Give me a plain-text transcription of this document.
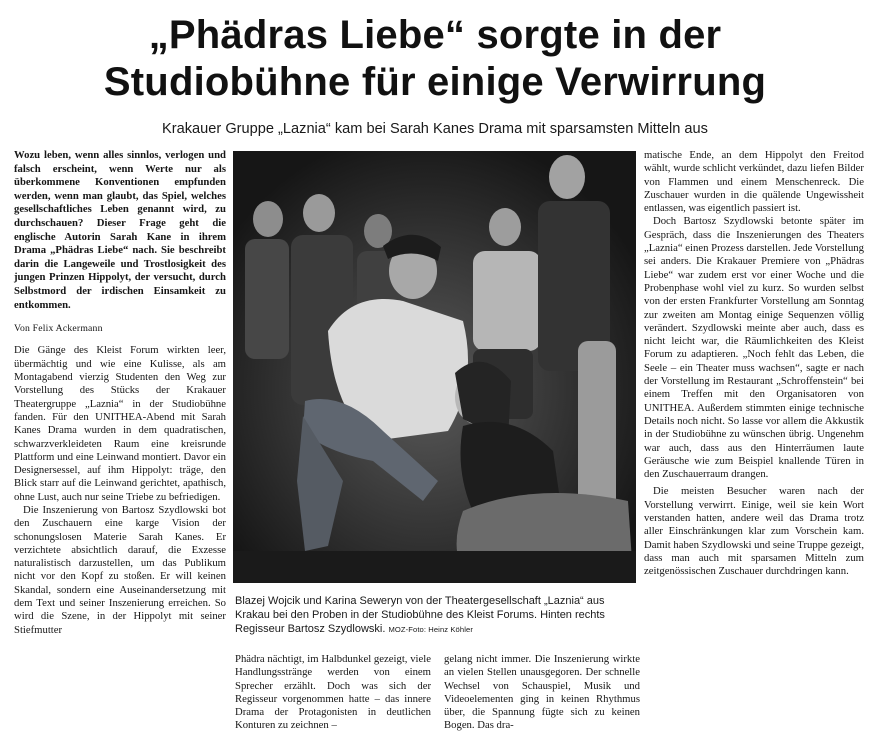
„Phädras Liebe“ sorgte in der
Studiobühne für einige Verwirrung
Krakauer Gruppe „Laznia“ kam bei Sarah Kanes Drama mit sparsamsten Mitteln aus

Wozu leben, wenn alles sinnlos, verlogen und falsch erscheint, wenn Werte nur als überkommene Konventionen empfunden werden, wenn man glaubt, das Spiel, welches gesellschaftliches Leben genannt wird, zu durchschauen? Dieser Frage geht die englische Autorin Sarah Kane in ihrem Drama „Phädras Liebe“ nach. Sie beschreibt darin die Langeweile und Trostlosigkeit des jungen Prinzen Hippolyt, der versucht, durch Selbstmord der irdischen Einsamkeit zu entkommen.

Von Felix Ackermann

Die Gänge des Kleist Forum wirkten leer, übermächtig und wie eine Kulisse, als am Montagabend vierzig Studenten den Weg zur Vorstellung des Stücks der Krakauer Theatergruppe „Laznia“ in der Studiobühne fanden. Für den UNITHEA-Abend mit Sarah Kanes Drama wurden in dem quadratischen, schwarzverkleideten Raum eine kreisrunde Plattform und eine Leinwand montiert. Davor ein Designersessel, auf ihm Hippolyt: träge, den Blick starr auf die Leinwand gerichtet, apathisch, ohne Lust, auch nur seine Triebe zu befriedigen.

Die Inszenierung von Bartosz Szydlowski bot den Zuschauern eine karge Vision der schonungslosen Materie Sarah Kanes. Er verzichtete absichtlich darauf, die Exzesse naturalistisch darzustellen, um das Publikum nicht vor den Kopf zu stoßen. Er will keinen Skandal, sondern eine Auseinandersetzung mit dem Text und seiner Inszenierung erreichen. So wird die Szene, in der Hippolyt mit seiner Stiefmutter

Blazej Wojcik und Karina Seweryn von der Theatergesellschaft „Laznia“ aus Krakau bei den Proben in der Studiobühne des Kleist Forums. Hinten rechts Regisseur Bartosz Szydlowski. MOZ-Foto: Heinz Köhler

Phädra nächtigt, im Halbdunkel gezeigt, viele Handlungsstränge werden von einem Sprecher erzählt. Doch was sich der Regisseur vorgenommen hatte – das innere Drama der Protagonisten in deutlichen Konturen zu zeichnen –

gelang nicht immer. Die Inszenierung wirkte an vielen Stellen unausgegoren. Der schnelle Wechsel von Schauspiel, Musik und Videoelementen ging in keinen Rhythmus über, die Spannung fügte sich zu keinen Bogen. Das dra-

matische Ende, an dem Hippolyt den Freitod wählt, wurde schlicht verkündet, dazu liefen Bilder von Flammen und einem Menschenreck. Die Zuschauer wurden in die quälende Ungewissheit entlassen, was eigentlich passiert ist.

Doch Bartosz Szydlowski betonte später im Gespräch, dass die Inszenierungen des Theaters „Laznia“ einen Prozess darstellen. Jede Vorstellung sei anders. Die Krakauer Premiere von „Phädras Liebe“ war zudem erst vor einer Woche und die Probenphase wohl viel zu kurz. So wurden selbst von der ersten Frankfurter Vorstellung am Sonntag zur zweiten am Montag einige Sequenzen völlig verändert. Szydlowski meinte aber auch, dass es nicht leicht war, die Räumlichkeiten des Kleist Forum zu adaptieren. „Noch fehlt das Leben, die Seele – ein Theater muss wachsen“, sagte er nach der Vorstellung im Restaurant „Schroffenstein“ bei einem Treffen mit den Organisatoren von UNITHEA. Außerdem stimmten einige technische Details noch nicht. So lasse vor allem die Akkustik in der Studiobühne zu wünschen übrig. Ungenehm war auch, dass aus den Hinterräumen laute Geräusche wie zum Beispiel knallende Türen in den Zuschauerraum drangen.

Die meisten Besucher waren nach der Vorstellung verwirrt. Einige, weil sie kein Wort verstanden hatten, andere weil das Drama trotz aller Einschränkungen klar zum Vorschein kam. Damit haben Szydlowski und seine Truppe gezeigt, dass man auch mit sparsamen Mitteln zum zeitgenössischen Zuschauer durchdringen kann.
